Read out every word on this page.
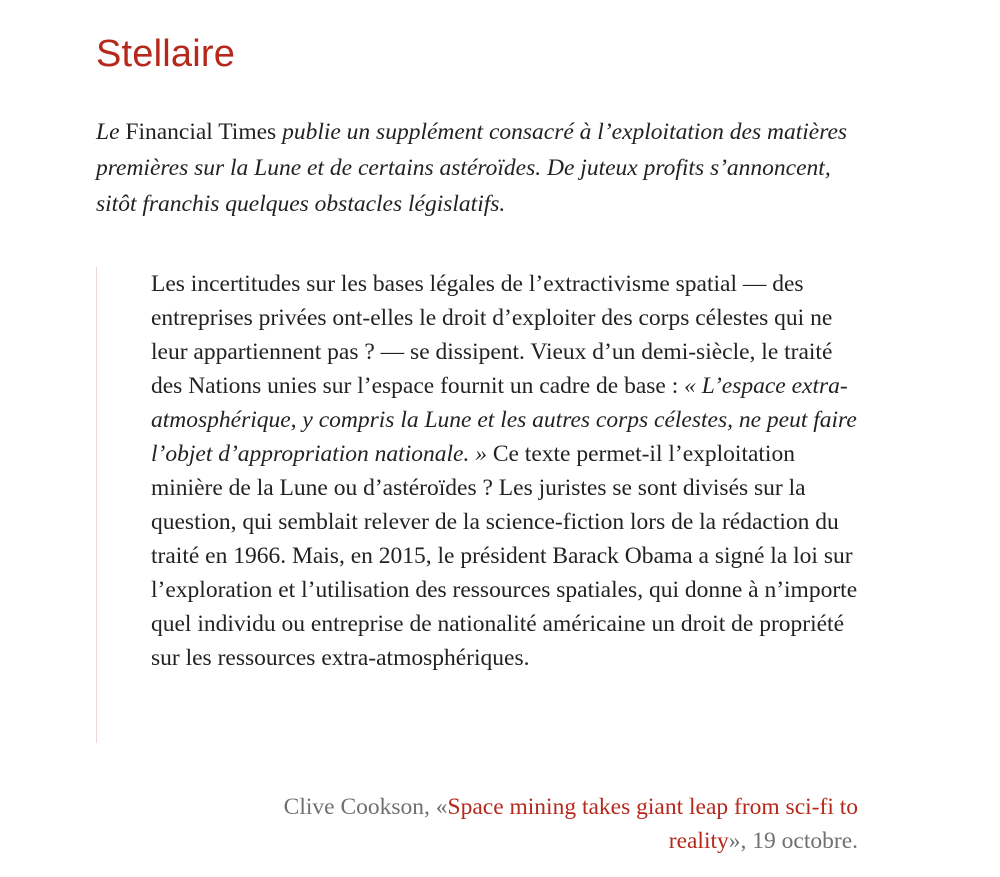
Stellaire

Le Financial Times publie un supplément consacré à l’exploitation des matières premières sur la Lune et de certains astéroïdes. De juteux profits s’annoncent, sitôt franchis quelques obstacles législatifs.

Les incertitudes sur les bases légales de l’extractivisme spatial — des entreprises privées ont-elles le droit d’exploiter des corps célestes qui ne leur appartiennent pas ? — se dissipent. Vieux d’un demi-siècle, le traité des Nations unies sur l’espace fournit un cadre de base : « L’espace extra-atmosphérique, y compris la Lune et les autres corps célestes, ne peut faire l’objet d’appropriation nationale. » Ce texte permet-il l’exploitation minière de la Lune ou d’astéroïdes ? Les juristes se sont divisés sur la question, qui semblait relever de la science-fiction lors de la rédaction du traité en 1966. Mais, en 2015, le président Barack Obama a signé la loi sur l’exploration et l’utilisation des ressources spatiales, qui donne à n’importe quel individu ou entreprise de nationalité américaine un droit de propriété sur les ressources extra-atmosphériques.

Clive Cookson, «Space mining takes giant leap from sci-fi to reality», 19 octobre.
